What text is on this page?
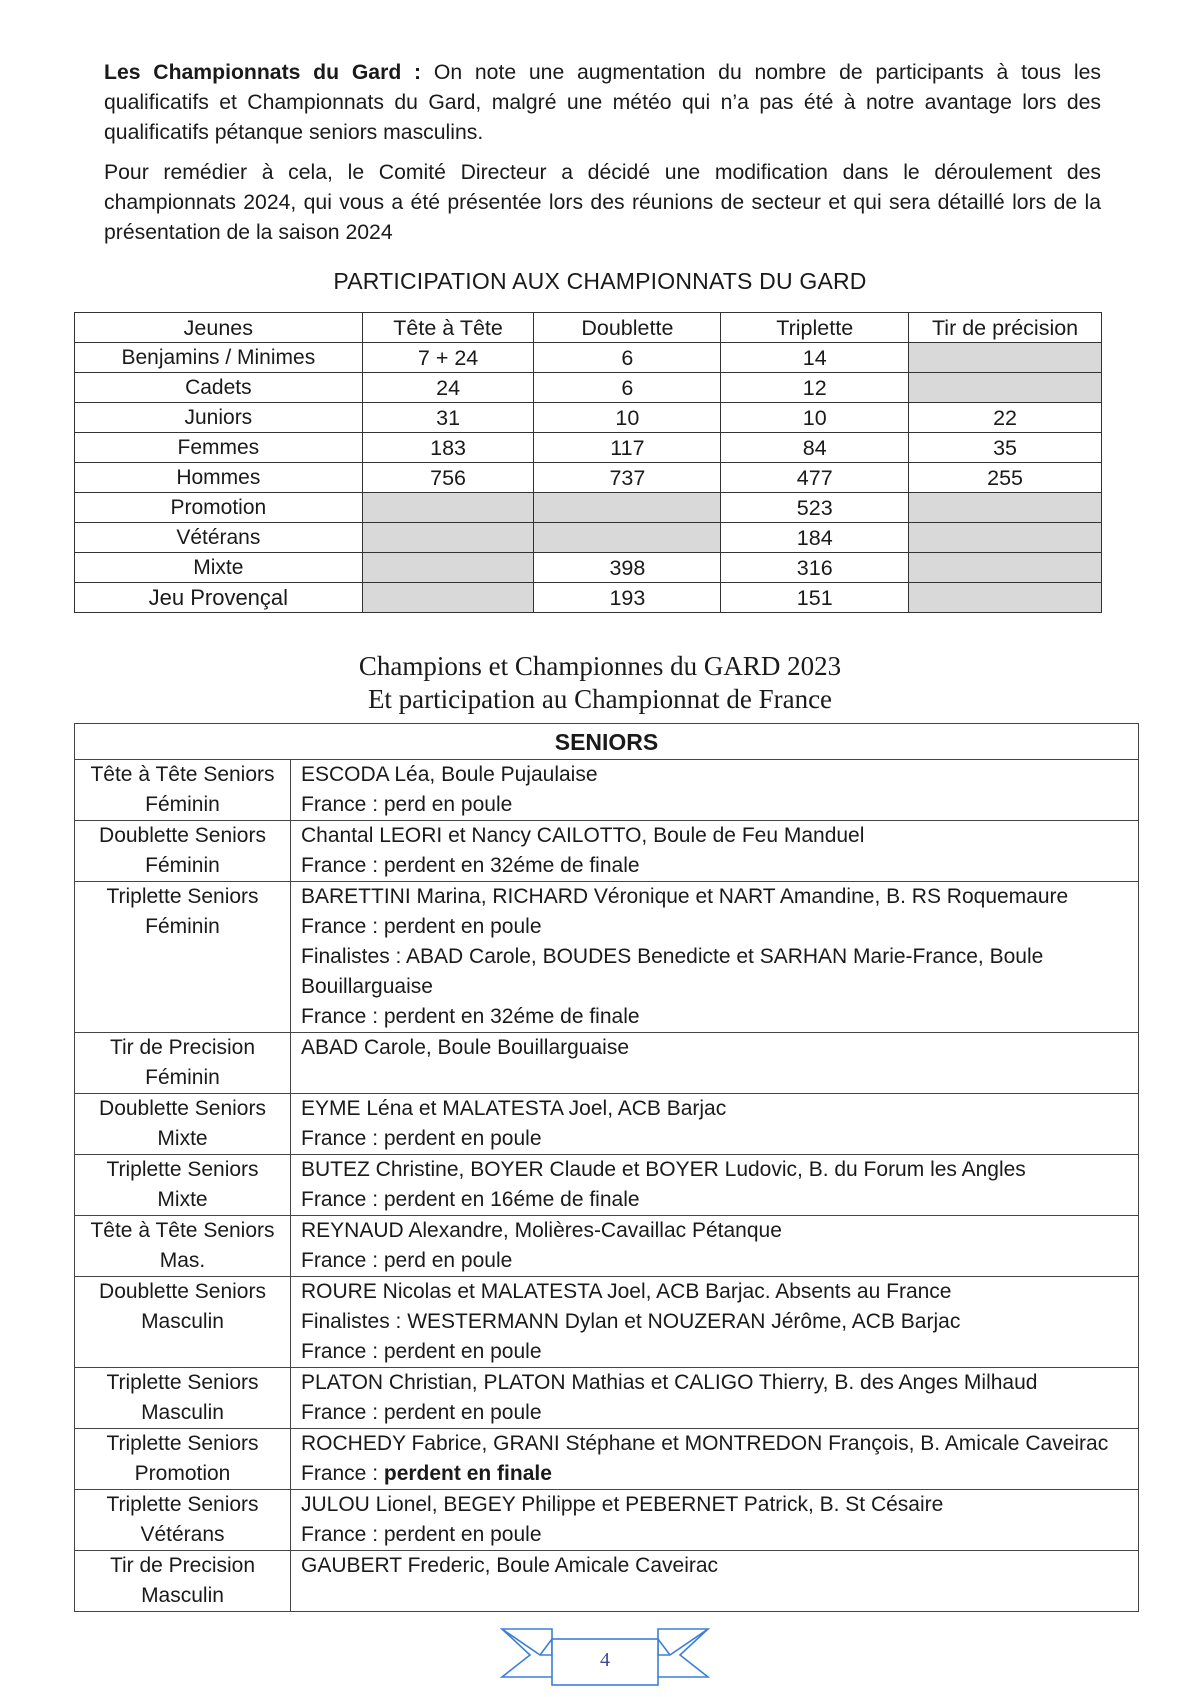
Les Championnats du Gard : On note une augmentation du nombre de participants à tous les qualificatifs et Championnats du Gard, malgré une météo qui n’a pas été à notre avantage lors des qualificatifs pétanque seniors masculins.

Pour remédier à cela, le Comité Directeur a décidé une modification dans le déroulement des championnats 2024, qui vous a été présentée lors des réunions de secteur et qui sera détaillé lors de la présentation de la saison 2024

PARTICIPATION AUX CHAMPIONNATS DU GARD
Jeunes	Tête à Tête	Doublette	Triplette	Tir de précision
Benjamins / Minimes	7 + 24	6	14	
Cadets	24	6	12	
Juniors	31	10	10	22
Femmes	183	117	84	35
Hommes	756	737	477	255
Promotion			523	
Vétérans			184	
Mixte		398	316	
Jeu Provençal		193	151	
Champions et Championnes du GARD 2023
Et participation au Championnat de France
SENIORS	

Tête à Tête Seniors
Féminin	ESCODA Léa, Boule Pujaulaise
France : perd en poule

Doublette Seniors
Féminin	Chantal LEORI et Nancy CAILOTTO, Boule de Feu Manduel
France : perdent en 32éme de finale

Triplette Seniors
Féminin	BARETTINI Marina, RICHARD Véronique et NART Amandine, B. RS Roquemaure
France : perdent en poule
Finalistes : ABAD Carole, BOUDES Benedicte et SARHAN Marie-France, Boule Bouillarguaise
France : perdent en 32éme de finale

Tir de Precision
Féminin	ABAD Carole, Boule Bouillarguaise

Doublette Seniors
Mixte	EYME Léna et MALATESTA Joel, ACB Barjac
France : perdent en poule

Triplette Seniors
Mixte	BUTEZ Christine, BOYER Claude et BOYER Ludovic, B. du Forum les Angles
France : perdent en 16éme de finale

Tête à Tête Seniors
Mas.	REYNAUD Alexandre, Molières-Cavaillac Pétanque
France : perd en poule

Doublette Seniors
Masculin	ROURE Nicolas et MALATESTA Joel, ACB Barjac. Absents au France
Finalistes : WESTERMANN Dylan et NOUZERAN Jérôme, ACB Barjac
France : perdent en poule

Triplette Seniors
Masculin	PLATON Christian, PLATON Mathias et CALIGO Thierry, B. des Anges Milhaud
France : perdent en poule

Triplette Seniors
Promotion	ROCHEDY Fabrice, GRANI Stéphane et MONTREDON François, B. Amicale Caveirac
France : perdent en finale

Triplette Seniors
Vétérans	JULOU Lionel, BEGEY Philippe et PEBERNET Patrick, B. St Césaire
France : perdent en poule

Tir de Precision
Masculin	GAUBERT Frederic, Boule Amicale Caveirac
4
